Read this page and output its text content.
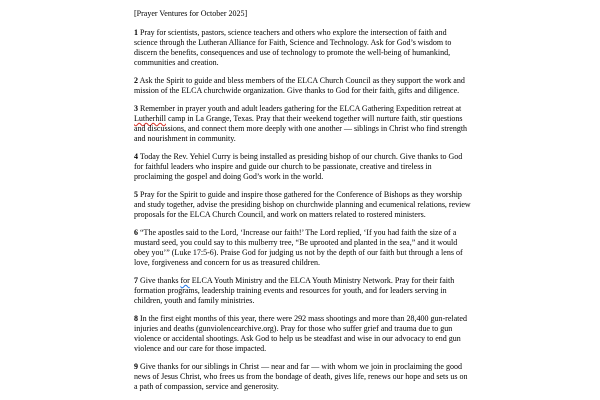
[Prayer Ventures for October 2025]

1 Pray for scientists, pastors, science teachers and others who explore the intersection of faith and science through the Lutheran Alliance for Faith, Science and Technology. Ask for God’s wisdom to discern the benefits, consequences and use of technology to promote the well-being of humankind, communities and creation.

2 Ask the Spirit to guide and bless members of the ELCA Church Council as they support the work and mission of the ELCA churchwide organization. Give thanks to God for their faith, gifts and diligence.

3 Remember in prayer youth and adult leaders gathering for the ELCA Gathering Expedition retreat at Lutherhill camp in La Grange, Texas. Pray that their weekend together will nurture faith, stir questions and discussions, and connect them more deeply with one another — siblings in Christ who find strength and nourishment in community.

4 Today the Rev. Yehiel Curry is being installed as presiding bishop of our church. Give thanks to God for faithful leaders who inspire and guide our church to be passionate, creative and tireless in proclaiming the gospel and doing God’s work in the world.

5 Pray for the Spirit to guide and inspire those gathered for the Conference of Bishops as they worship and study together, advise the presiding bishop on churchwide planning and ecumenical relations, review proposals for the ELCA Church Council, and work on matters related to rostered ministers.

6 “The apostles said to the Lord, ‘Increase our faith!’ The Lord replied, ‘If you had faith the size of a mustard seed, you could say to this mulberry tree, “Be uprooted and planted in the sea,” and it would obey you’” (Luke 17:5-6). Praise God for judging us not by the depth of our faith but through a lens of love, forgiveness and concern for us as treasured children.

7 Give thanks for ELCA Youth Ministry and the ELCA Youth Ministry Network. Pray for their faith formation programs, leadership training events and resources for youth, and for leaders serving in children, youth and family ministries.

8 In the first eight months of this year, there were 292 mass shootings and more than 28,400 gun-related injuries and deaths (gunviolencearchive.org). Pray for those who suffer grief and trauma due to gun violence or accidental shootings. Ask God to help us be steadfast and wise in our advocacy to end gun violence and our care for those impacted.

9 Give thanks for our siblings in Christ — near and far — with whom we join in proclaiming the good news of Jesus Christ, who frees us from the bondage of death, gives life, renews our hope and sets us on a path of compassion, service and generosity.
